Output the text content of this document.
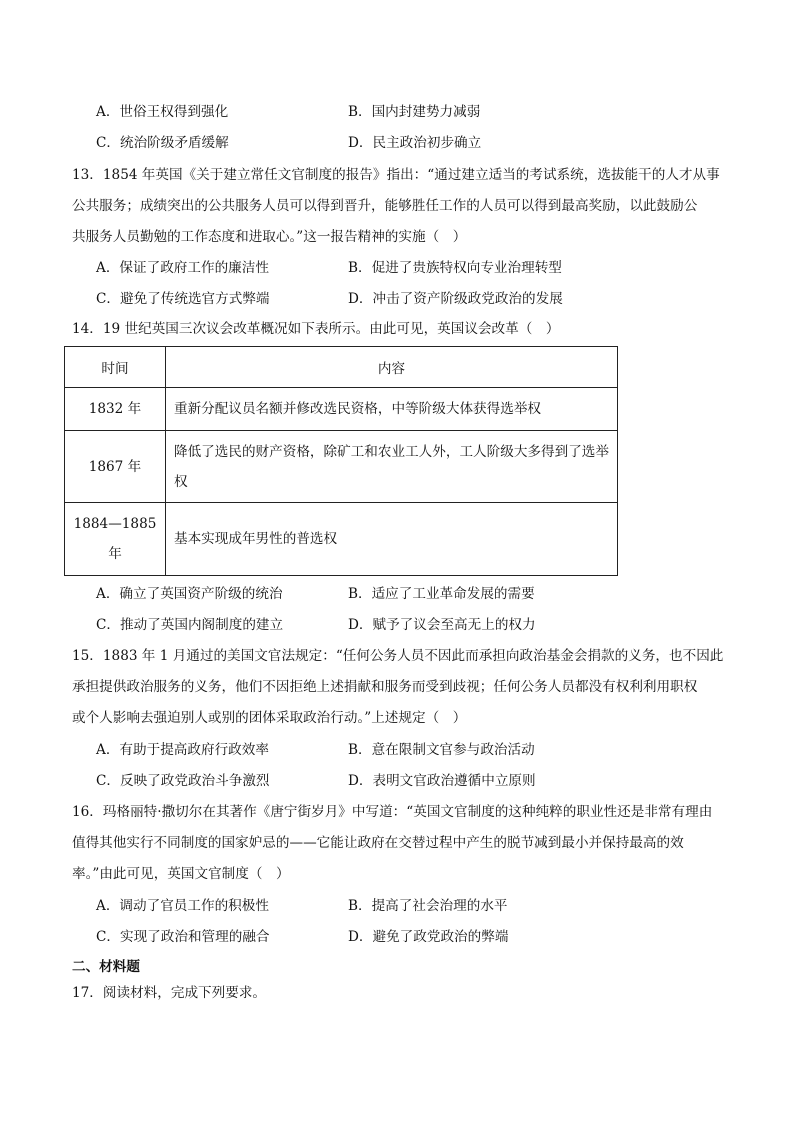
A．世俗王权得到强化	B．国内封建势力减弱
C．统治阶级矛盾缓解	D．民主政治初步确立
13．1854 年英国《关于建立常任文官制度的报告》指出：“通过建立适当的考试系统，选拔能干的人才从事
公共服务；成绩突出的公共服务人员可以得到晋升，能够胜任工作的人员可以得到最高奖励，以此鼓励公
共服务人员勤勉的工作态度和进取心。”这一报告精神的实施（　）
A．保证了政府工作的廉洁性	B．促进了贵族特权向专业治理转型
C．避免了传统选官方式弊端	D．冲击了资产阶级政党政治的发展
14．19 世纪英国三次议会改革概况如下表所示。由此可见，英国议会改革（　）
时间	内容
1832 年	重新分配议员名额并修改选民资格，中等阶级大体获得选举权
1867 年	降低了选民的财产资格，除矿工和农业工人外，工人阶级大多得到了选举权
1884—1885 年	基本实现成年男性的普选权
A．确立了英国资产阶级的统治	B．适应了工业革命发展的需要
C．推动了英国内阁制度的建立	D．赋予了议会至高无上的权力
15．1883 年 1 月通过的美国文官法规定：“任何公务人员不因此而承担向政治基金会捐款的义务，也不因此
承担提供政治服务的义务，他们不因拒绝上述捐献和服务而受到歧视；任何公务人员都没有权利利用职权
或个人影响去强迫别人或别的团体采取政治行动。”上述规定（　）
A．有助于提高政府行政效率	B．意在限制文官参与政治活动
C．反映了政党政治斗争激烈	D．表明文官政治遵循中立原则
16．玛格丽特·撒切尔在其著作《唐宁街岁月》中写道：“英国文官制度的这种纯粹的职业性还是非常有理由
值得其他实行不同制度的国家妒忌的——它能让政府在交替过程中产生的脱节减到最小并保持最高的效
率。”由此可见，英国文官制度（　）
A．调动了官员工作的积极性	B．提高了社会治理的水平
C．实现了政治和管理的融合	D．避免了政党政治的弊端
二、材料题
17．阅读材料，完成下列要求。
